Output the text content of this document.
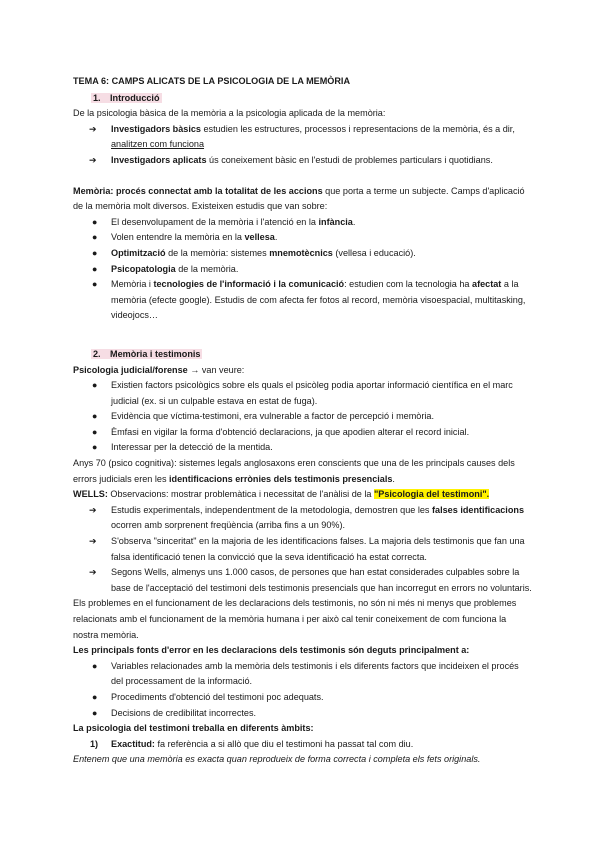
TEMA 6: CAMPS ALICATS DE LA PSICOLOGIA DE LA MEMÒRIA

1. Introducció

De la psicologia bàsica de la memòria a la psicologia aplicada de la memòria:

➔ Investigadors bàsics estudien les estructures, processos i representacions de la memòria, és a dir, analitzen com funciona
➔ Investigadors aplicats ús coneixement bàsic en l'estudi de problemes particulars i quotidians.

Memòria: procés connectat amb la totalitat de les accions que porta a terme un subjecte. Camps d'aplicació de la memòria molt diversos. Existeixen estudis que van sobre:

● El desenvolupament de la memòria i l'atenció en la infància.
● Volen entendre la memòria en la vellesa.
● Optimització de la memòria: sistemes mnemotècnics (vellesa i educació).
● Psicopatologia de la memòria.
● Memòria i tecnologies de l'informació i la comunicació: estudien com la tecnologia ha afectat a la memòria (efecte google). Estudis de com afecta fer fotos al record, memòria visoespacial, multitasking, videojocs…

2. Memòria i testimonis

Psicologia judicial/forense → van veure:

● Existien factors psicològics sobre els quals el psicòleg podia aportar informació científica en el marc judicial (ex. si un culpable estava en estat de fuga).
● Evidència que víctima-testimoni, era vulnerable a factor de percepció i memòria.
● Èmfasi en vigilar la forma d'obtenció declaracions, ja que apodien alterar el record inicial.
● Interessar per la detecció de la mentida.

Anys 70 (psico cognitiva): sistemes legals anglosaxons eren conscients que una de les principals causes dels errors judicials eren les identificacions errònies dels testimonis presencials.

WELLS: Observacions: mostrar problemàtica i necessitat de l'anàlisi de la "Psicologia del testimoni".

➔ Estudis experimentals, independentment de la metodologia, demostren que les falses identificacions ocorren amb sorprenent freqüència (arriba fins a un 90%).
➔ S'observa "sinceritat" en la majoria de les identificacions falses. La majoria dels testimonis que fan una falsa identificació tenen la convicció que la seva identificació ha estat correcta.
➔ Segons Wells, almenys uns 1.000 casos, de persones que han estat considerades culpables sobre la base de l'acceptació del testimoni dels testimonis presencials que han incorregut en errors no voluntaris.

Els problemes en el funcionament de les declaracions dels testimonis, no són ni més ni menys que problemes relacionats amb el funcionament de la memòria humana i per això cal tenir coneixement de com funciona la nostra memòria.

Les principals fonts d'error en les declaracions dels testimonis són deguts principalment a:

● Variables relacionades amb la memòria dels testimonis i els diferents factors que incideixen el procés del processament de la informació.
● Procediments d'obtenció del testimoni poc adequats.
● Decisions de credibilitat incorrectes.

La psicologia del testimoni treballa en diferents àmbits:

1) Exactitud: fa referència a si allò que diu el testimoni ha passat tal com diu.

Entenem que una memòria es exacta quan reprodueix de forma correcta i completa els fets originals.
